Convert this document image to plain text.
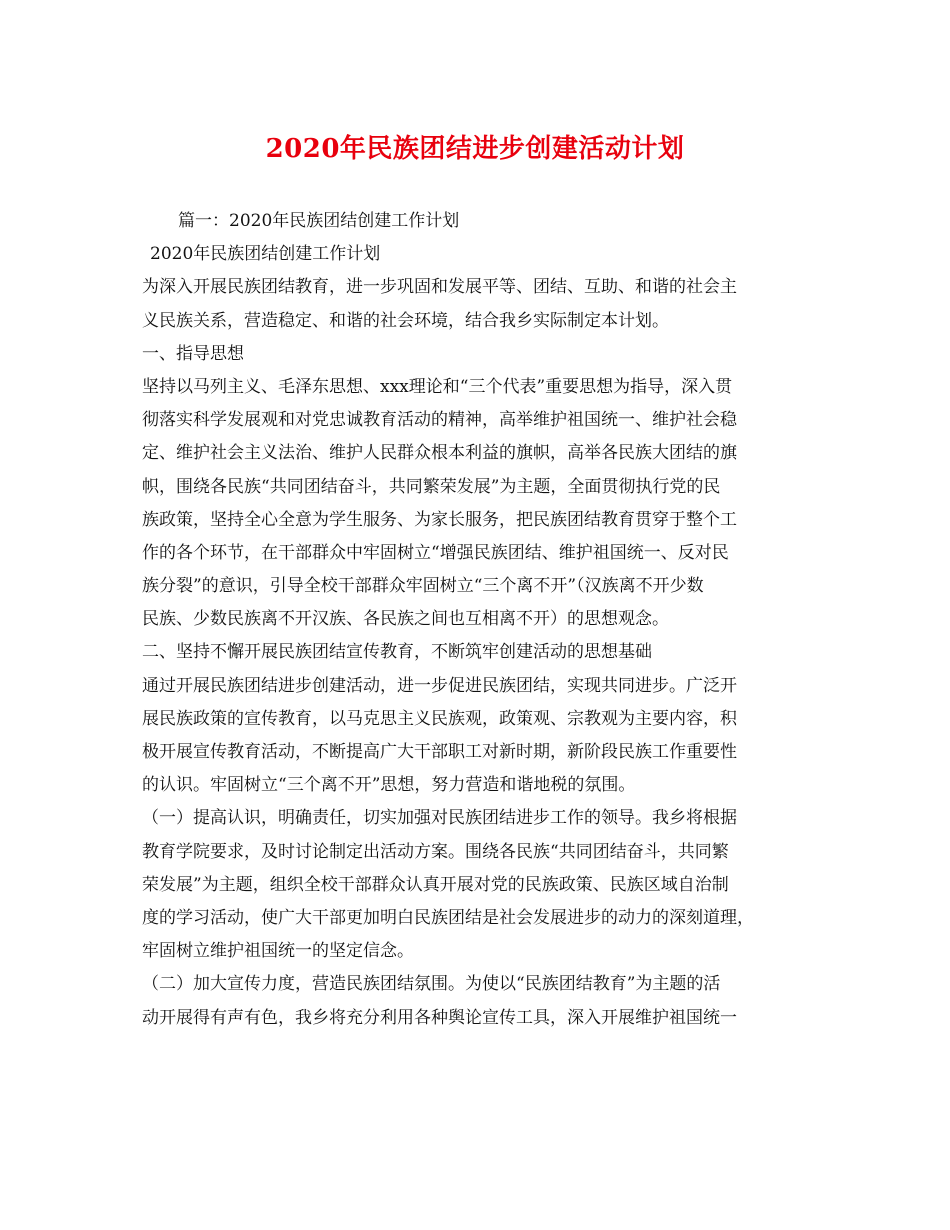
2020年民族团结进步创建活动计划
篇一：2020年民族团结创建工作计划
2020年民族团结创建工作计划
为深入开展民族团结教育，进一步巩固和发展平等、团结、互助、和谐的社会主
义民族关系，营造稳定、和谐的社会环境，结合我乡实际制定本计划。
一、指导思想
坚持以马列主义、毛泽东思想、xxx理论和“三个代表”重要思想为指导，深入贯
彻落实科学发展观和对党忠诚教育活动的精神，高举维护祖国统一、维护社会稳
定、维护社会主义法治、维护人民群众根本利益的旗帜，高举各民族大团结的旗
帜，围绕各民族“共同团结奋斗，共同繁荣发展”为主题，全面贯彻执行党的民
族政策，坚持全心全意为学生服务、为家长服务，把民族团结教育贯穿于整个工
作的各个环节，在干部群众中牢固树立“增强民族团结、维护祖国统一、反对民
族分裂”的意识，引导全校干部群众牢固树立“三个离不开”（汉族离不开少数
民族、少数民族离不开汉族、各民族之间也互相离不开）的思想观念。
二、坚持不懈开展民族团结宣传教育，不断筑牢创建活动的思想基础
通过开展民族团结进步创建活动，进一步促进民族团结，实现共同进步。广泛开
展民族政策的宣传教育，以马克思主义民族观，政策观、宗教观为主要内容，积
极开展宣传教育活动，不断提高广大干部职工对新时期，新阶段民族工作重要性
的认识。牢固树立“三个离不开”思想，努力营造和谐地税的氛围。
（一）提高认识，明确责任，切实加强对民族团结进步工作的领导。我乡将根据
教育学院要求，及时讨论制定出活动方案。围绕各民族“共同团结奋斗，共同繁
荣发展”为主题，组织全校干部群众认真开展对党的民族政策、民族区域自治制
度的学习活动，使广大干部更加明白民族团结是社会发展进步的动力的深刻道理，
牢固树立维护祖国统一的坚定信念。
（二）加大宣传力度，营造民族团结氛围。为使以“民族团结教育”为主题的活
动开展得有声有色，我乡将充分利用各种舆论宣传工具，深入开展维护祖国统一
